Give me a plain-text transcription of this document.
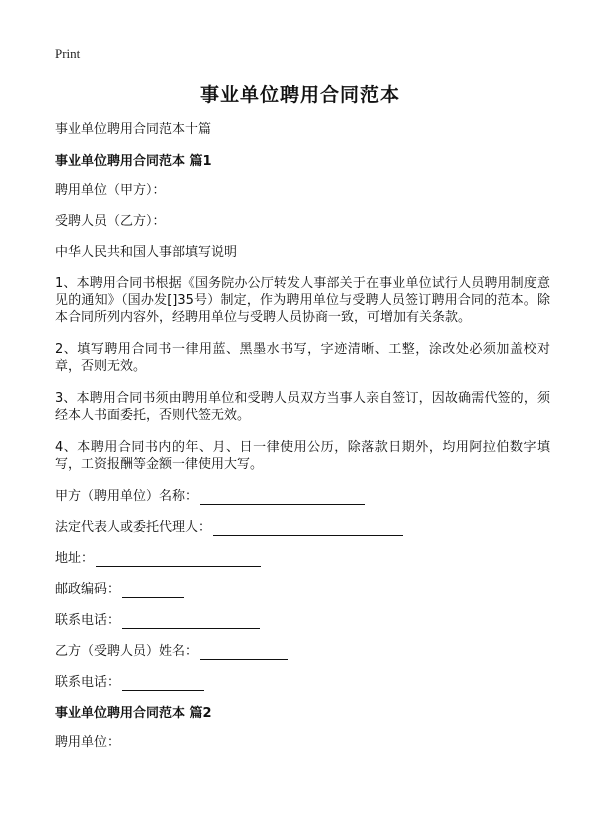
Print
事业单位聘用合同范本

事业单位聘用合同范本十篇

事业单位聘用合同范本 篇1

聘用单位（甲方）：

受聘人员（乙方）：

中华人民共和国人事部填写说明

1、本聘用合同书根据《国务院办公厅转发人事部关于在事业单位试行人员聘用制度意见的通知》（国办发[]35号）制定，作为聘用单位与受聘人员签订聘用合同的范本。除本合同所列内容外，经聘用单位与受聘人员协商一致，可增加有关条款。

2、填写聘用合同书一律用蓝、黑墨水书写，字迹清晰、工整，涂改处必须加盖校对章，否则无效。

3、本聘用合同书须由聘用单位和受聘人员双方当事人亲自签订，因故确需代签的，须经本人书面委托，否则代签无效。

4、本聘用合同书内的年、月、日一律使用公历，除落款日期外，均用阿拉伯数字填写，工资报酬等金额一律使用大写。

甲方（聘用单位）名称：
法定代表人或委托代理人：
地址：
邮政编码：
联系电话：
乙方（受聘人员）姓名：
联系电话：

事业单位聘用合同范本 篇2

聘用单位：
